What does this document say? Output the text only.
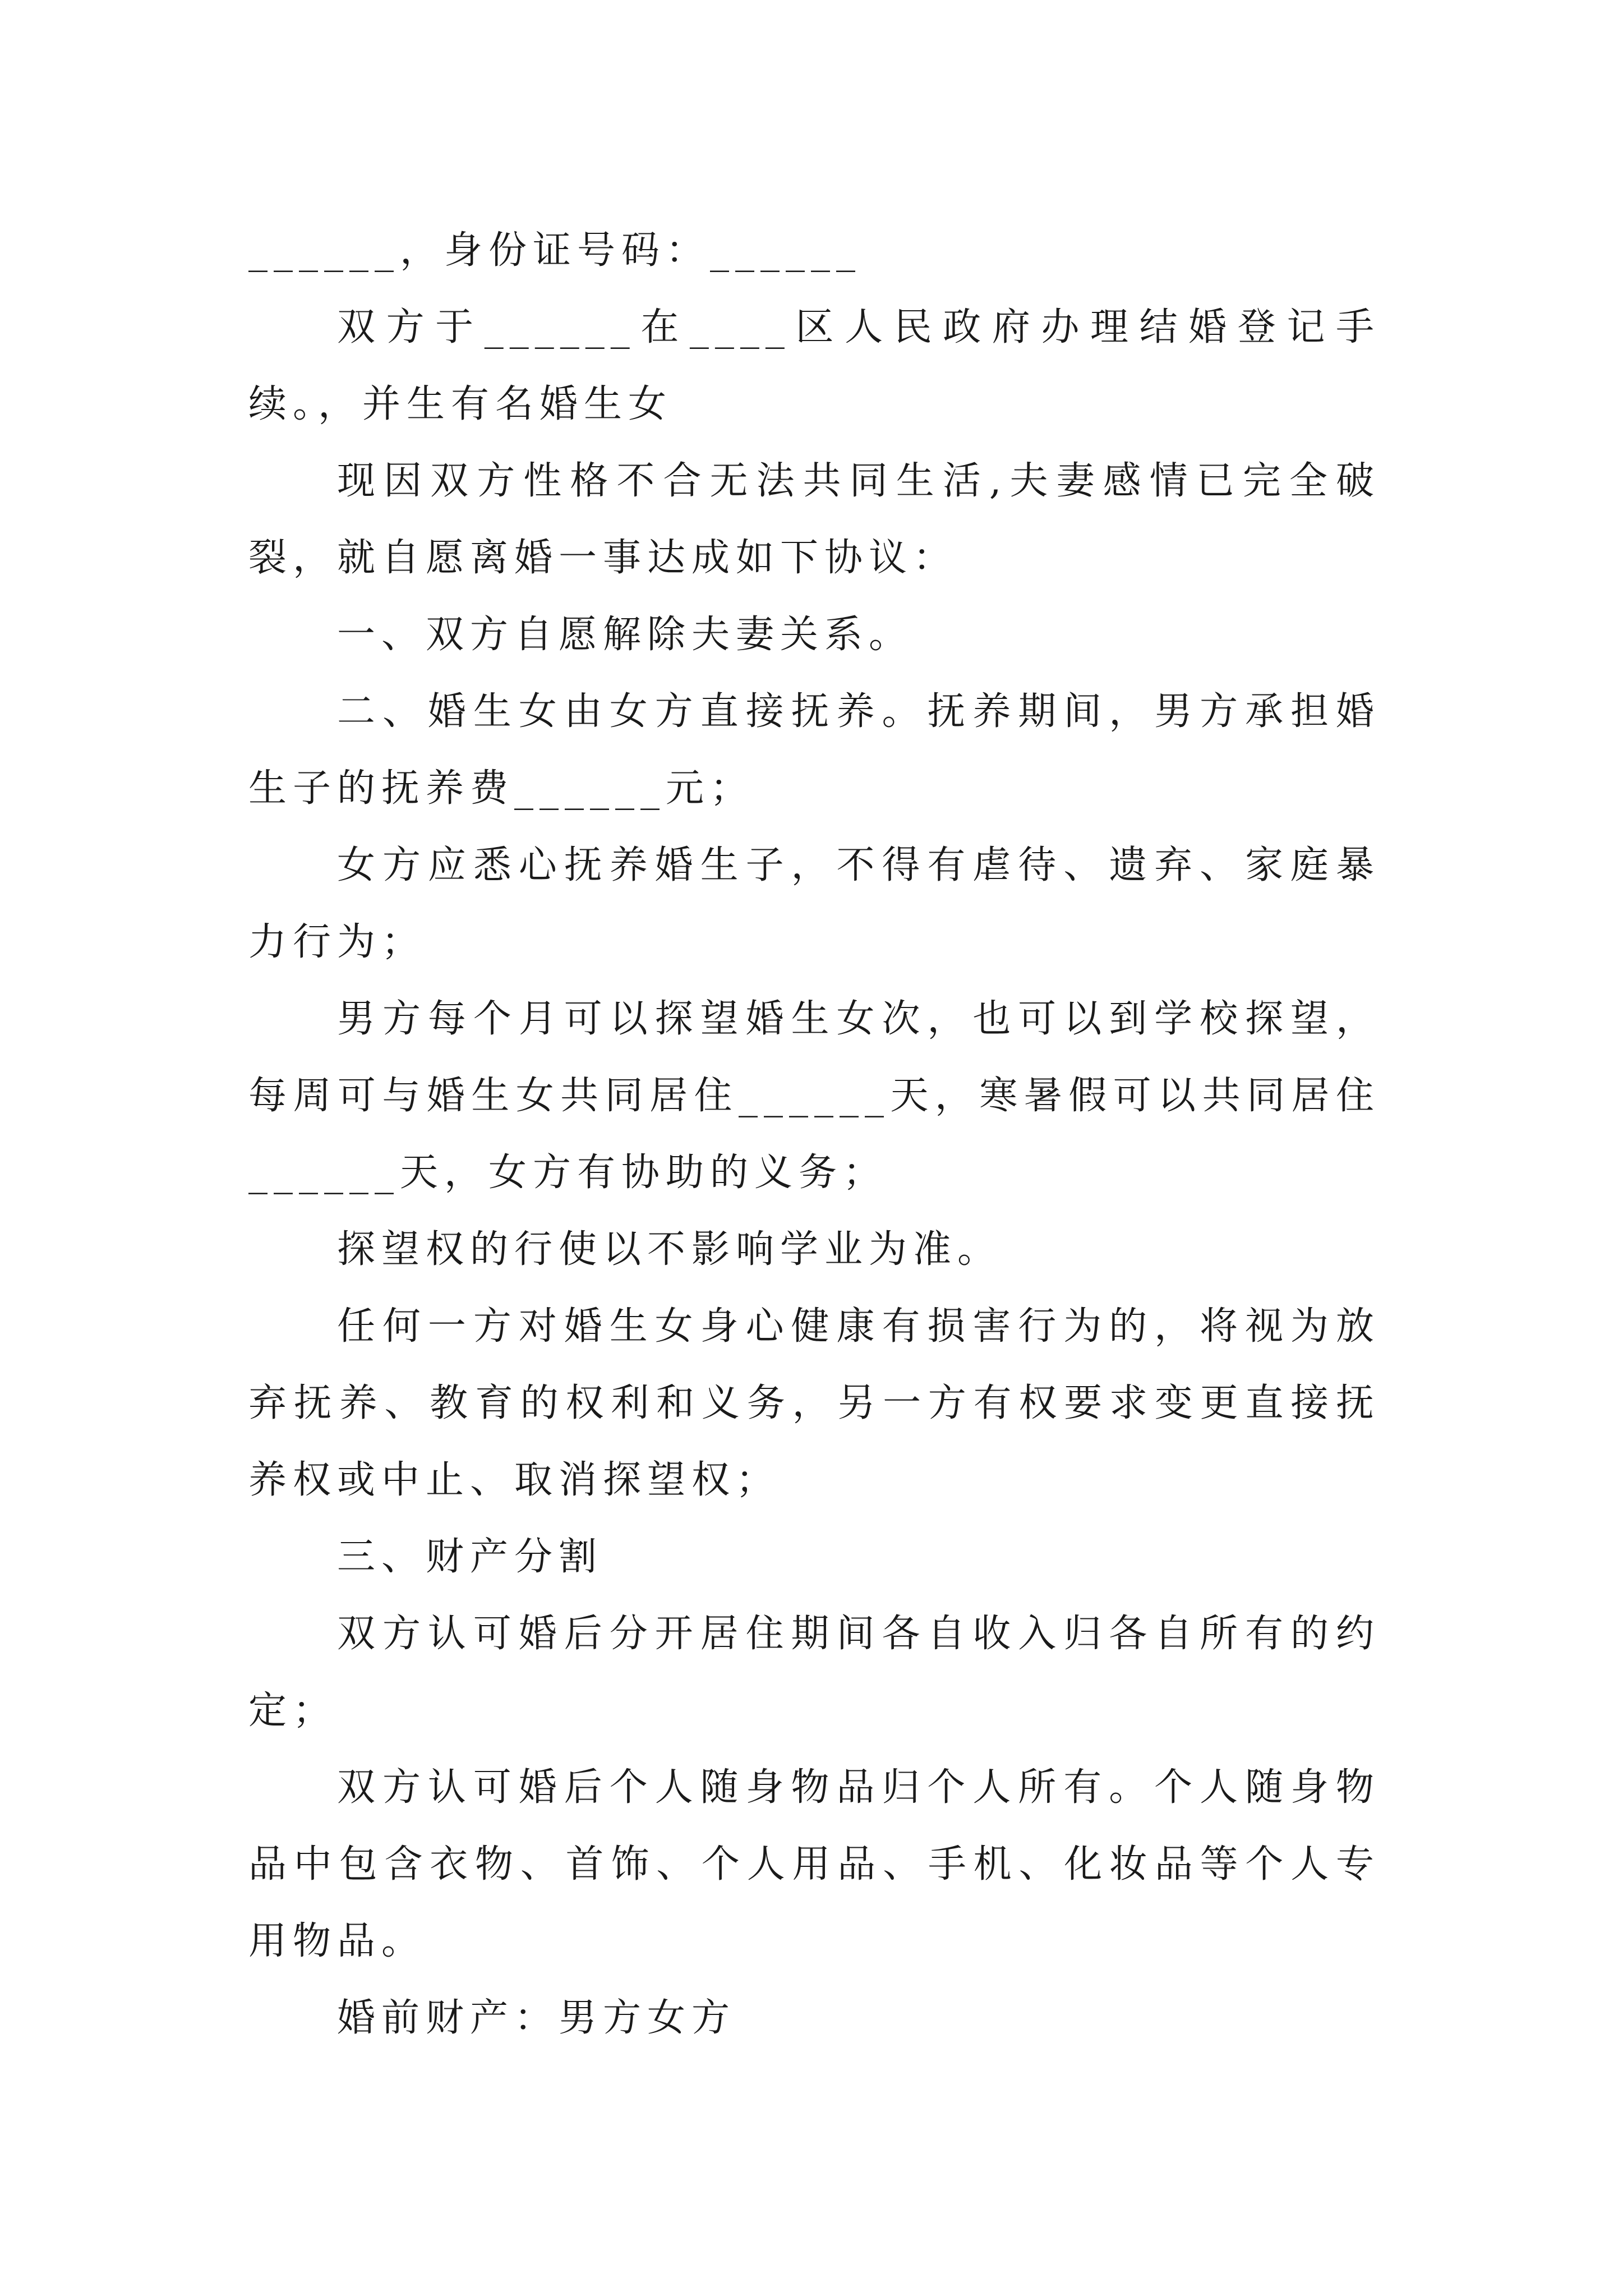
______，身份证号码：______

双方于______在____区人民政府办理结婚登记手续。，并生有名婚生女

现因双方性格不合无法共同生活,夫妻感情已完全破裂，就自愿离婚一事达成如下协议：

一、双方自愿解除夫妻关系。

二、婚生女由女方直接抚养。抚养期间，男方承担婚生子的抚养费______元；

女方应悉心抚养婚生子，不得有虐待、遗弃、家庭暴力行为；

男方每个月可以探望婚生女次，也可以到学校探望，每周可与婚生女共同居住______天，寒暑假可以共同居住______天，女方有协助的义务；

探望权的行使以不影响学业为准。

任何一方对婚生女身心健康有损害行为的，将视为放弃抚养、教育的权利和义务，另一方有权要求变更直接抚养权或中止、取消探望权；

三、财产分割

双方认可婚后分开居住期间各自收入归各自所有的约定；

双方认可婚后个人随身物品归个人所有。个人随身物品中包含衣物、首饰、个人用品、手机、化妆品等个人专用物品。

婚前财产：男方女方
